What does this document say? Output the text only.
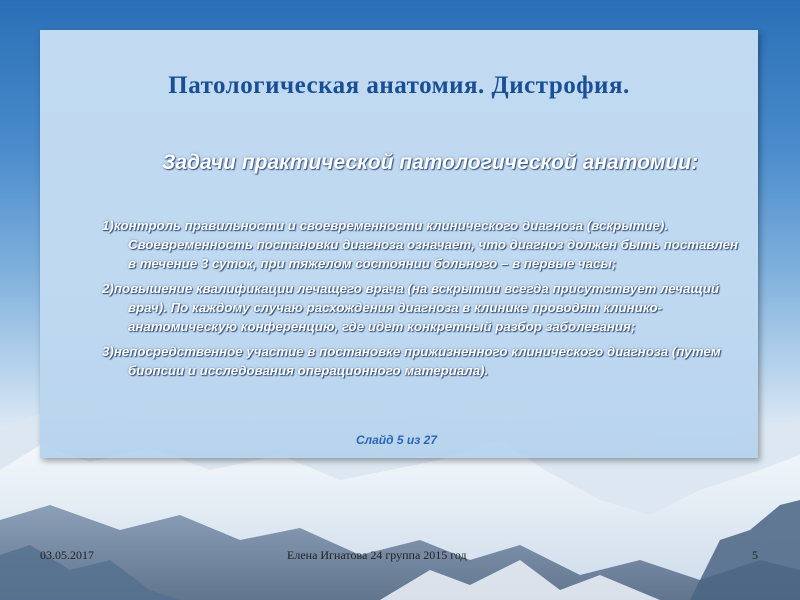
Патологическая анатомия. Дистрофия.
Задачи практической патологической анатомии:
1)контроль правильности и своевременности клинического диагноза (вскрытие). Своевременность постановки диагноза означает, что диагноз должен быть поставлен в течение 3 суток, при тяжелом состоянии больного – в первые часы;
2)повышение квалификации лечащего врача (на вскрытии всегда присутствует лечащий врач). По каждому случаю расхождения диагноза в клинике проводят клинико-анатомическую конференцию, где идет конкретный разбор заболевания;
3)непосредственное участие в постановке прижизненного клинического диагноза (путем биопсии и исследования операционного материала).
Слайд 5 из 27
03.05.2017	Елена Игнатова 24 группа 2015 год	5
